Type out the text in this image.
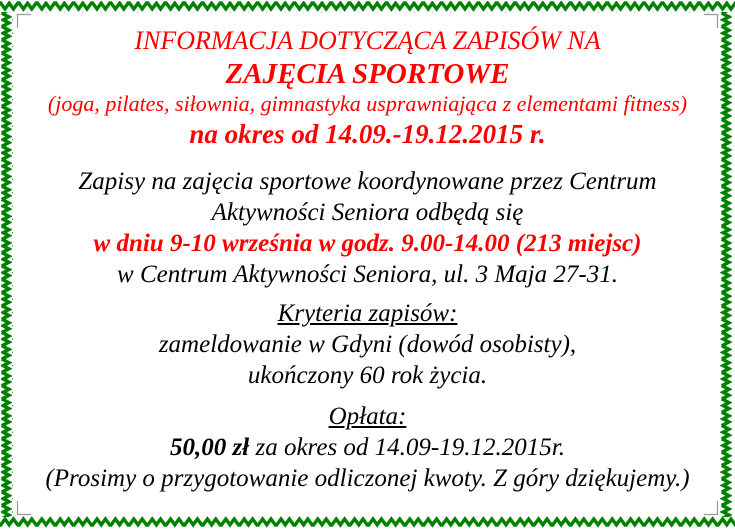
INFORMACJA DOTYCZĄCA ZAPISÓW NA
ZAJĘCIA SPORTOWE
(joga, pilates, siłownia, gimnastyka usprawniająca z elementami fitness)
na okres od 14.09.-19.12.2015 r.
Zapisy na zajęcia sportowe koordynowane przez Centrum
Aktywności Seniora odbędą się
w dniu 9-10 września w godz. 9.00-14.00 (213 miejsc)
w Centrum Aktywności Seniora, ul. 3 Maja 27-31.
Kryteria zapisów:
zameldowanie w Gdyni (dowód osobisty),
ukończony 60 rok życia.
Opłata:
50,00 zł za okres od 14.09-19.12.2015r.
(Prosimy o przygotowanie odliczonej kwoty. Z góry dziękujemy.)
